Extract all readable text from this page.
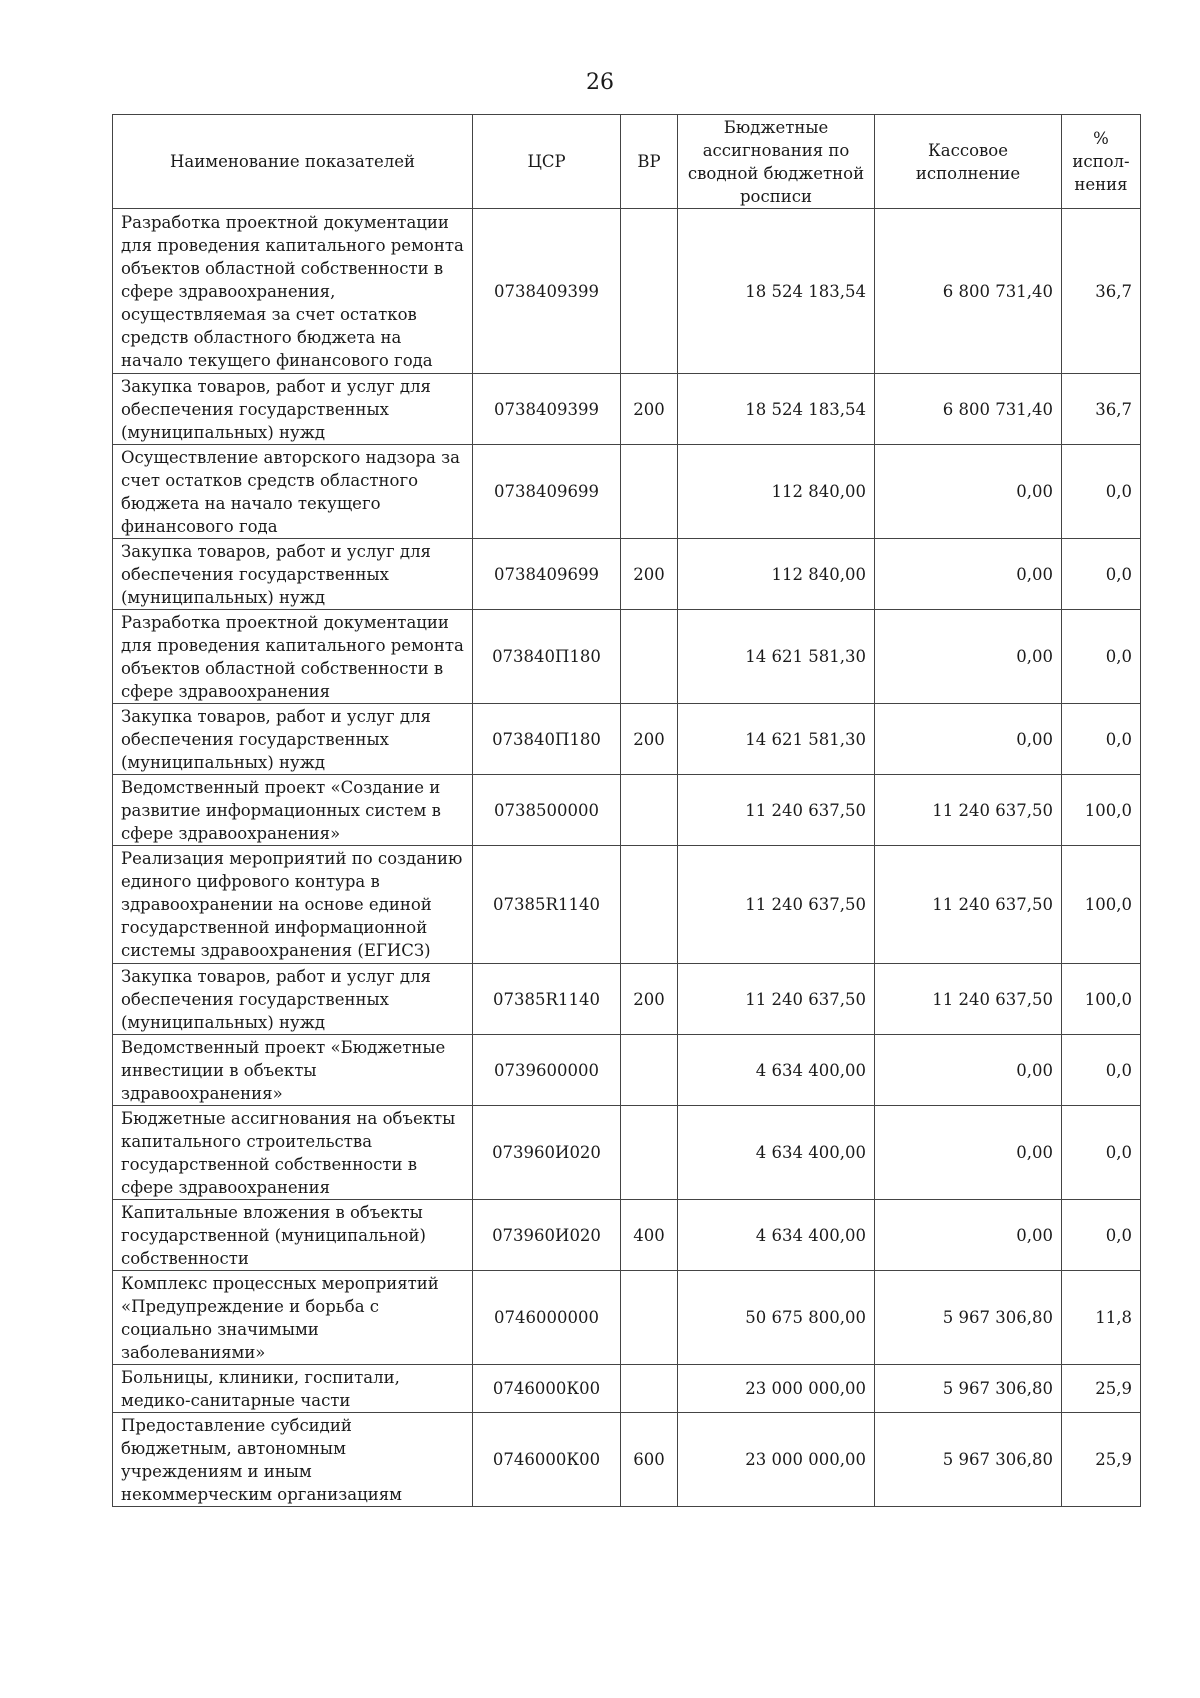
26
Наименование показателей	ЦСР	ВР	Бюджетные ассигнования по сводной бюджетной росписи	Кассовое исполнение	% испол-нения
Разработка проектной документации для проведения капитального ремонта объектов областной собственности в сфере здравоохранения, осуществляемая за счет остатков средств областного бюджета на начало текущего финансового года	0738409399		18 524 183,54	6 800 731,40	36,7
Закупка товаров, работ и услуг для обеспечения государственных (муниципальных) нужд	0738409399	200	18 524 183,54	6 800 731,40	36,7
Осуществление авторского надзора за счет остатков средств областного бюджета на начало текущего финансового года	0738409699		112 840,00	0,00	0,0
Закупка товаров, работ и услуг для обеспечения государственных (муниципальных) нужд	0738409699	200	112 840,00	0,00	0,0
Разработка проектной документации для проведения капитального ремонта объектов областной собственности в сфере здравоохранения	073840П180		14 621 581,30	0,00	0,0
Закупка товаров, работ и услуг для обеспечения государственных (муниципальных) нужд	073840П180	200	14 621 581,30	0,00	0,0
Ведомственный проект «Создание и развитие информационных систем в сфере здравоохранения»	0738500000		11 240 637,50	11 240 637,50	100,0
Реализация мероприятий по созданию единого цифрового контура в здравоохранении на основе единой государственной информационной системы здравоохранения (ЕГИСЗ)	07385R1140		11 240 637,50	11 240 637,50	100,0
Закупка товаров, работ и услуг для обеспечения государственных (муниципальных) нужд	07385R1140	200	11 240 637,50	11 240 637,50	100,0
Ведомственный проект «Бюджетные инвестиции в объекты здравоохранения»	0739600000		4 634 400,00	0,00	0,0
Бюджетные ассигнования на объекты капитального строительства государственной собственности в сфере здравоохранения	073960И020		4 634 400,00	0,00	0,0
Капитальные вложения в объекты государственной (муниципальной) собственности	073960И020	400	4 634 400,00	0,00	0,0
Комплекс процессных мероприятий «Предупреждение и борьба с социально значимыми заболеваниями»	0746000000		50 675 800,00	5 967 306,80	11,8
Больницы, клиники, госпитали, медико-санитарные части	0746000К00		23 000 000,00	5 967 306,80	25,9
Предоставление субсидий бюджетным, автономным учреждениям и иным некоммерческим организациям	0746000К00	600	23 000 000,00	5 967 306,80	25,9
